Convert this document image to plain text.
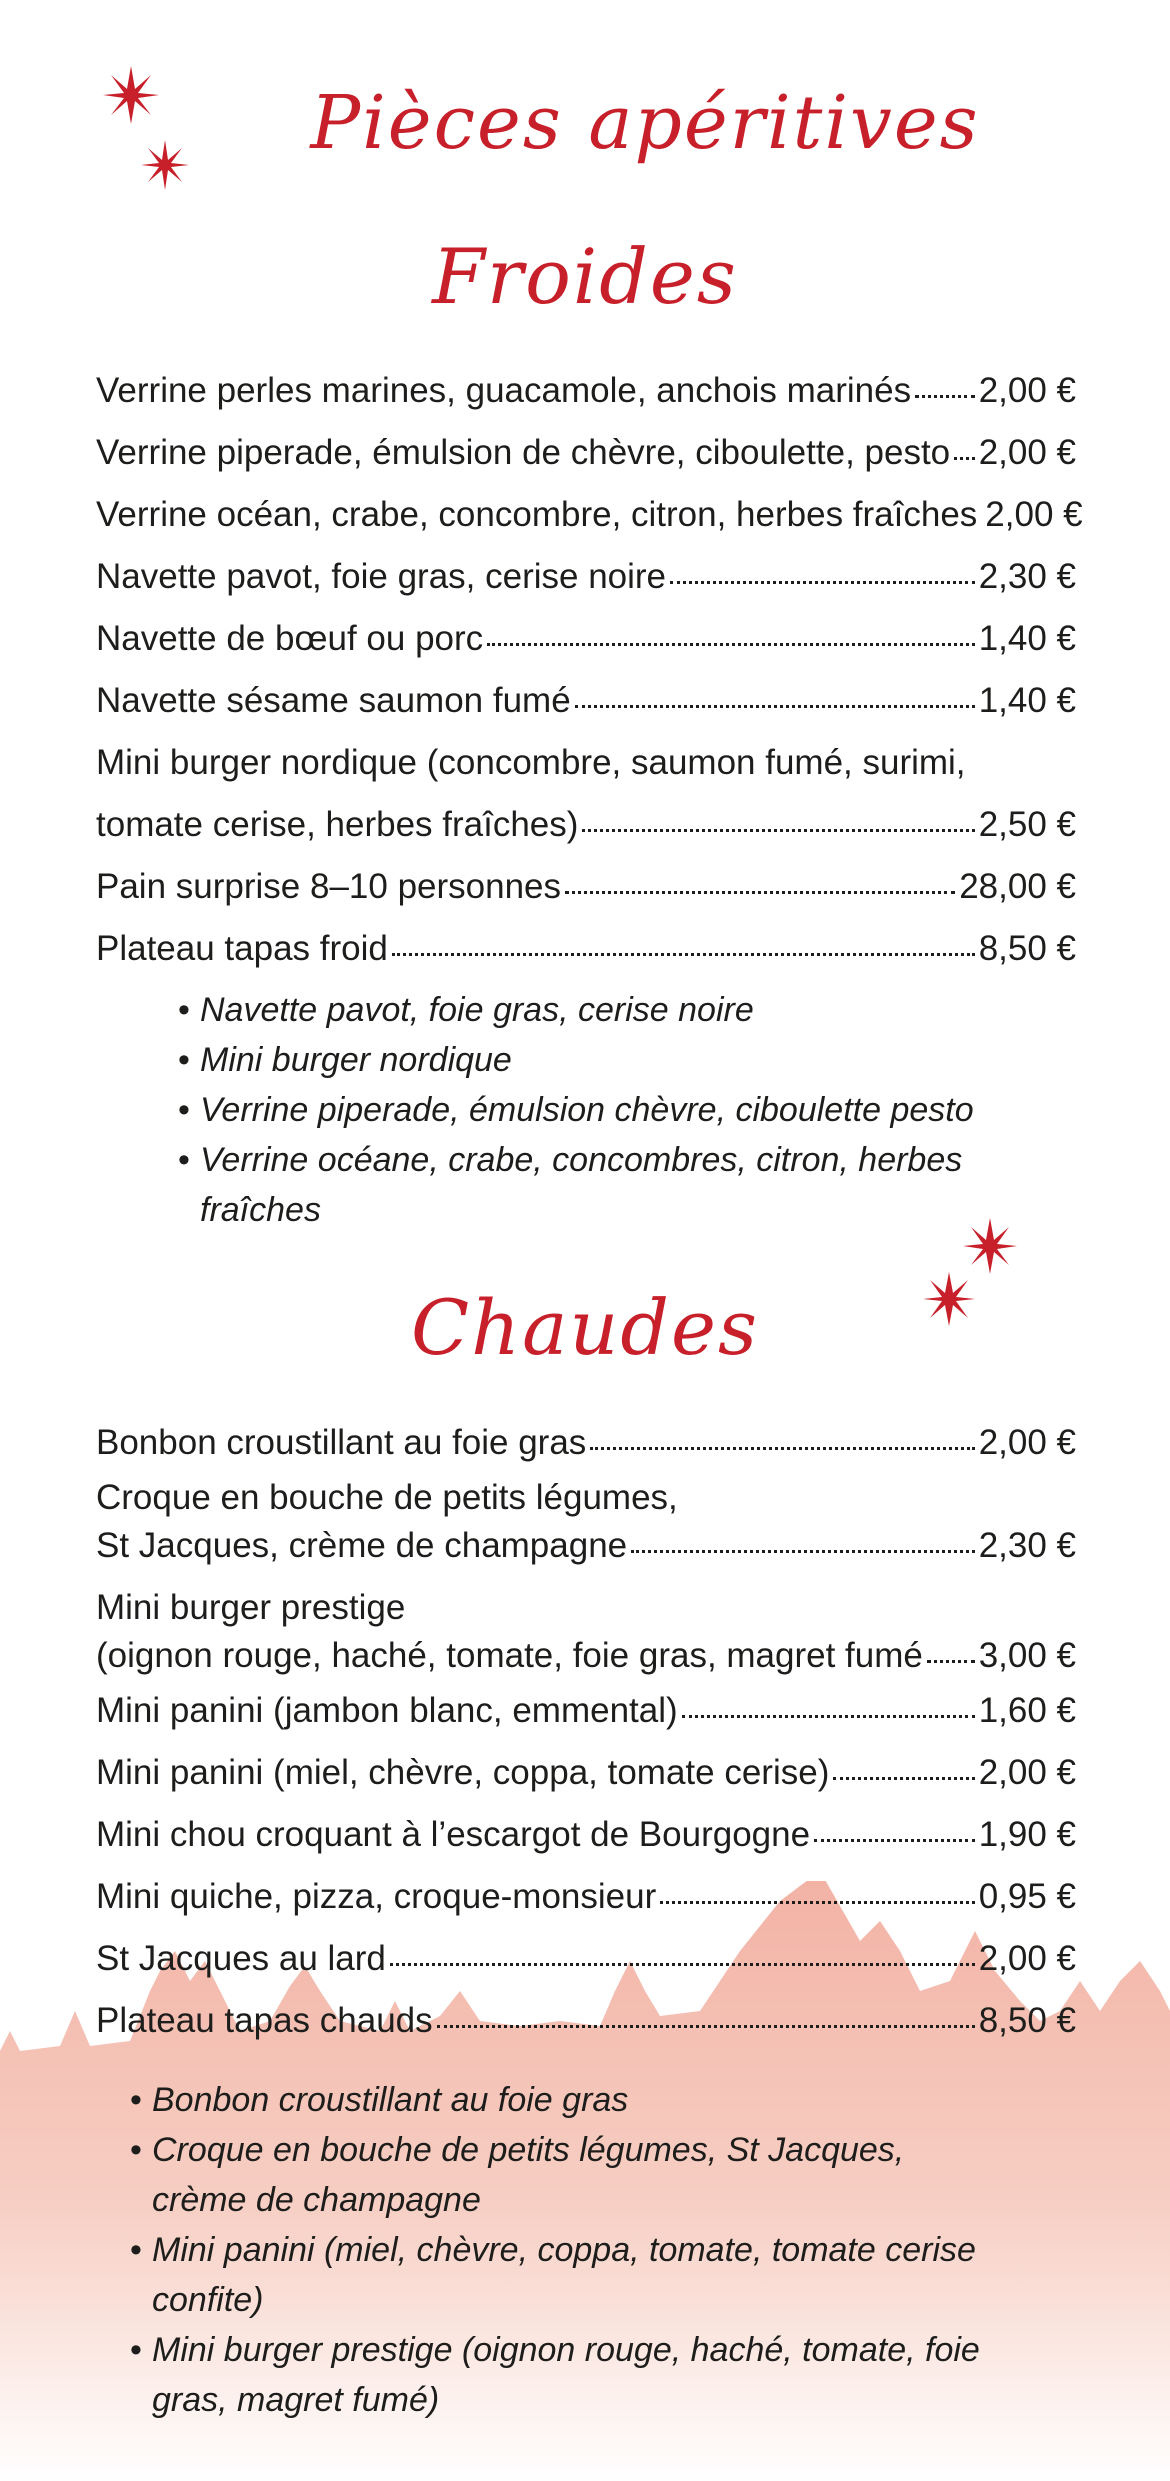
Pièces apéritives
Froides
Verrine perles marines, guacamole, anchois marinés 2,00 €
Verrine piperade, émulsion de chèvre, ciboulette, pesto 2,00 €
Verrine océan, crabe, concombre, citron, herbes fraîches 2,00 €
Navette pavot, foie gras, cerise noire	2,30 €
Navette de bœuf ou porc	1,40 €
Navette sésame saumon fumé	1,40 €
Mini burger nordique (concombre, saumon fumé, surimi,
tomate cerise, herbes fraîches)	2,50 €
Pain surprise 8–10 personnes	28,00 €
Plateau tapas froid	8,50 €
• Navette pavot, foie gras, cerise noire
• Mini burger nordique
• Verrine piperade, émulsion chèvre, ciboulette pesto
• Verrine océane, crabe, concombres, citron, herbes
fraîches
Chaudes
Bonbon croustillant au foie gras	2,00 €
Croque en bouche de petits légumes,
St Jacques, crème de champagne	2,30 €
Mini burger prestige
(oignon rouge, haché, tomate, foie gras, magret fumé 3,00 €
Mini panini (jambon blanc, emmental)	1,60 €
Mini panini (miel, chèvre, coppa, tomate cerise)	2,00 €
Mini chou croquant à l’escargot de Bourgogne	1,90 €
Mini quiche, pizza, croque-monsieur	0,95 €
St Jacques au lard	2,00 €
Plateau tapas chauds	8,50 €
• Bonbon croustillant au foie gras
• Croque en bouche de petits légumes, St Jacques,
crème de champagne
• Mini panini (miel, chèvre, coppa, tomate, tomate cerise confite)
• Mini burger prestige (oignon rouge, haché, tomate, foie
gras, magret fumé)
